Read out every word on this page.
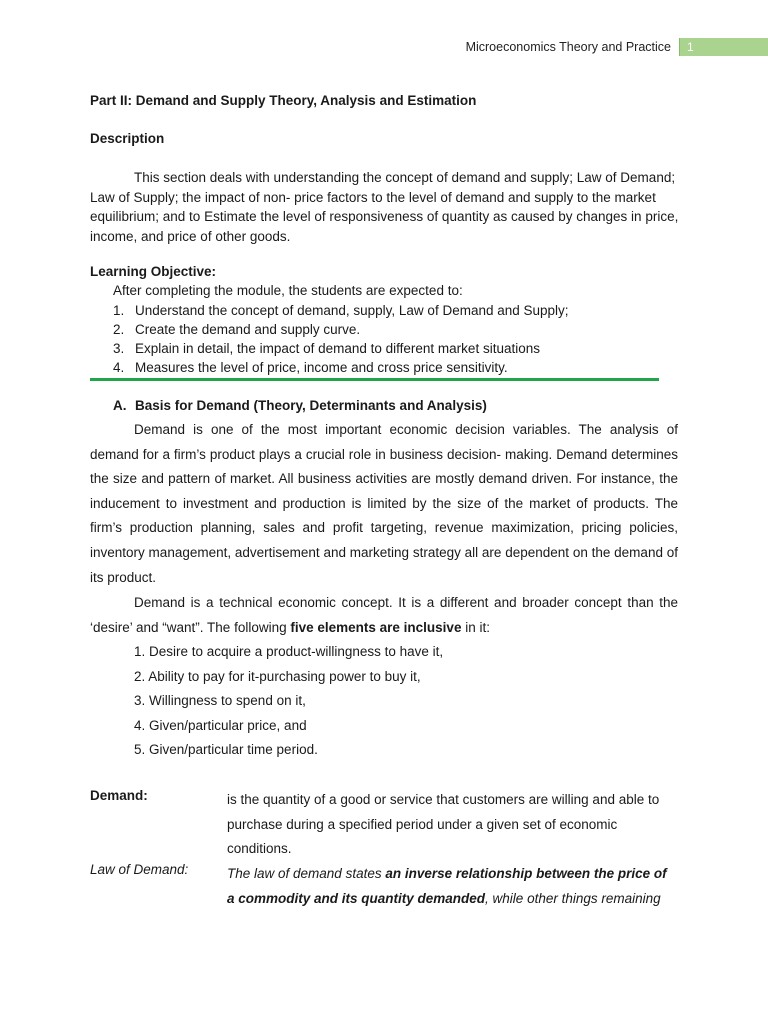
Microeconomics Theory and Practice	1
Part II: Demand and Supply Theory, Analysis and Estimation
Description
This section deals with understanding the concept of demand and supply; Law of Demand; Law of Supply; the impact of non- price factors to the level of demand and supply to the market equilibrium; and to Estimate the level of responsiveness of quantity as caused by changes in price, income, and price of other goods.
Learning Objective:
After completing the module, the students are expected to:
1. Understand the concept of demand, supply, Law of Demand and Supply;
2. Create the demand and supply curve.
3. Explain in detail, the impact of demand to different market situations
4. Measures the level of price, income and cross price sensitivity.
A. Basis for Demand (Theory, Determinants and Analysis)
Demand is one of the most important economic decision variables. The analysis of demand for a firm’s product plays a crucial role in business decision- making. Demand determines the size and pattern of market. All business activities are mostly demand driven. For instance, the inducement to investment and production is limited by the size of the market of products. The firm’s production planning, sales and profit targeting, revenue maximization, pricing policies, inventory management, advertisement and marketing strategy all are dependent on the demand of its product.
Demand is a technical economic concept. It is a different and broader concept than the ‘desire’ and “want”. The following five elements are inclusive in it:
1. Desire to acquire a product-willingness to have it,
2. Ability to pay for it-purchasing power to buy it,
3. Willingness to spend on it,
4. Given/particular price, and
5. Given/particular time period.
Demand:	is the quantity of a good or service that customers are willing and able to purchase during a specified period under a given set of economic conditions.
Law of Demand:	The law of demand states an inverse relationship between the price of a commodity and its quantity demanded, while other things remaining
